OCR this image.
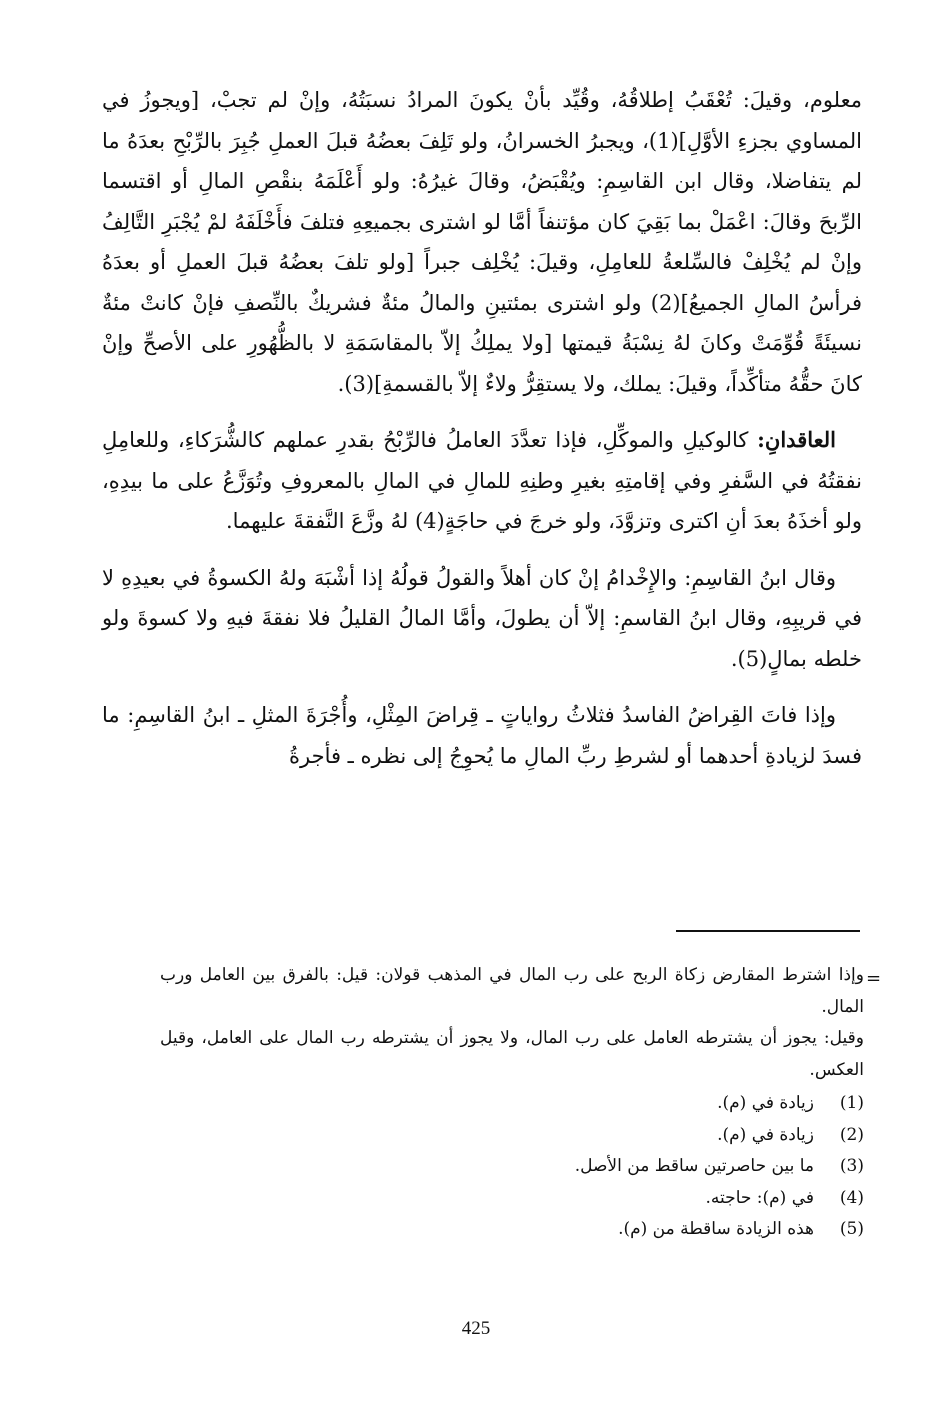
معلوم، وقيلَ: تُعْقَبُ إطلاقُهُ، وقُيِّد بأنْ يكونَ المرادُ نسبَتُهُ، وإنْ لم تجبْ، [ويجوزُ في المساوي بجزءِ الأوَّلِ](1)، ويجبرُ الخسرانُ، ولو تَلِفَ بعضُهُ قبلَ العملِ جُبِرَ بالرِّبْحِ بعدَهُ ما لم يتفاضلا، وقال ابن القاسِمِ: ويُقْبَضُ، وقالَ غيرُهُ: ولو أَعْلَمَهُ بنقْصِ المالِ أو اقتسما الرِّبحَ وقالَ: اعْمَلْ بما بَقِيَ كان مؤتنفاً أمَّا لو اشترى بجميعِهِ فتلفَ فأَخْلَفَهُ لمْ يُجْبَرِ التَّالِفُ وإنْ لم يُخْلِفْ فالسِّلعةُ للعامِلِ، وقيلَ: يُخْلِف جبراً [ولو تلفَ بعضُهُ قبلَ العملِ أو بعدَهُ فرأسُ المالِ الجميعُ](2) ولو اشترى بمئتينِ والمالُ مئةٌ فشريكٌ بالنِّصفِ فإنْ كانتْ مئةٌ نسيئَةً قُوِّمَتْ وكانَ لهُ نِسْبَةُ قيمتها [ولا يملِكُ إلاّ بالمقاسَمَةِ لا بالظُّهُورِ على الأصحِّ وإنْ كانَ حقُّهُ متأكِّداً، وقيلَ: يملك، ولا يستقِرُّ ولاءٌ إلاّ بالقسمةِ](3).

العاقدانِ: كالوكيلِ والموكِّلِ، فإذا تعدَّدَ العاملُ فالرِّبْحُ بقدرِ عملهم كالشُّرَكاءِ، وللعامِلِ نفقتُهُ في السَّفرِ وفي إقامتِهِ بغيرِ وطنِهِ للمالِ في المالِ بالمعروفِ وتُوَزَّعُ على ما بيدِهِ، ولو أخذَهُ بعدَ أنِ اكترى وتزوَّدَ، ولو خرجَ في حاجَةٍ(4) لهُ وزَّعَ النَّفقةَ عليهما.

وقال ابنُ القاسِمِ: والإِخْدامُ إنْ كان أهلاً والقولُ قولُهُ إذا أشْبَهَ ولهُ الكسوةُ في بعيدِهِ لا في قريبِهِ، وقال ابنُ القاسمِ: إلاّ أن يطولَ، وأمَّا المالُ القليلُ فلا نفقةَ فيهِ ولا كسوةَ ولو خلطه بمالٍ(5).

وإذا فاتَ القِراضُ الفاسدُ فثلاثُ رواياتٍ ـ قِراضَ المِثْلِ، وأُجْرَةَ المثلِ ـ ابنُ القاسِمِ: ما فسدَ لزيادةِ أحدهما أو لشرطِ ربِّ المالِ ما يُحوِجُ إلى نظره ـ فأجرةُ

=

وإذا اشترط المقارض زكاة الربح على رب المال في المذهب قولان: قيل: بالفرق بين العامل ورب المال.

وقيل: يجوز أن يشترطه العامل على رب المال، ولا يجوز أن يشترطه رب المال على العامل، وقيل العكس.

(1)
زيادة في (م).
(2)
زيادة في (م).
(3)
ما بين حاصرتين ساقط من الأصل.
(4)
في (م): حاجته.
(5)
هذه الزيادة ساقطة من (م).
425
